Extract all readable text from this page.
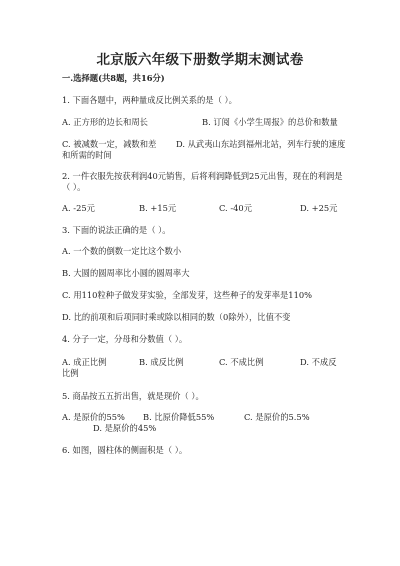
北京版六年级下册数学期末测试卷
一.选择题(共8题，共16分)
1. 下面各题中，两种量成反比例关系的是（ ）。
A. 正方形的边长和周长	B. 订阅《小学生周报》的总价和数量
C. 被减数一定，减数和差 D. 从武夷山东站到福州北站，列车行驶的速度
和所需的时间
2. 一件衣服先按获利润40元销售，后将利润降低到25元出售，现在的利润是
（ ）。
A. -25元	B. +15元	C. -40元	D. +25元
3. 下面的说法正确的是（ ）。
A. 一个数的倒数一定比这个数小
B. 大圆的圆周率比小圆的圆周率大
C. 用110粒种子做发芽实验，全部发芽，这些种子的发芽率是110%
D. 比的前项和后项同时乘或除以相同的数（0除外），比值不变
4. 分子一定，分母和分数值（ ）。
A. 成正比例	B. 成反比例	C. 不成比例	D. 不成反
比例
5. 商品按五五折出售，就是现价（ ）。
A. 是原价的55% B. 比原价降低55%	C. 是原价的5.5%
D. 是原价的45%
6. 如图，圆柱体的侧面积是（ ）。
